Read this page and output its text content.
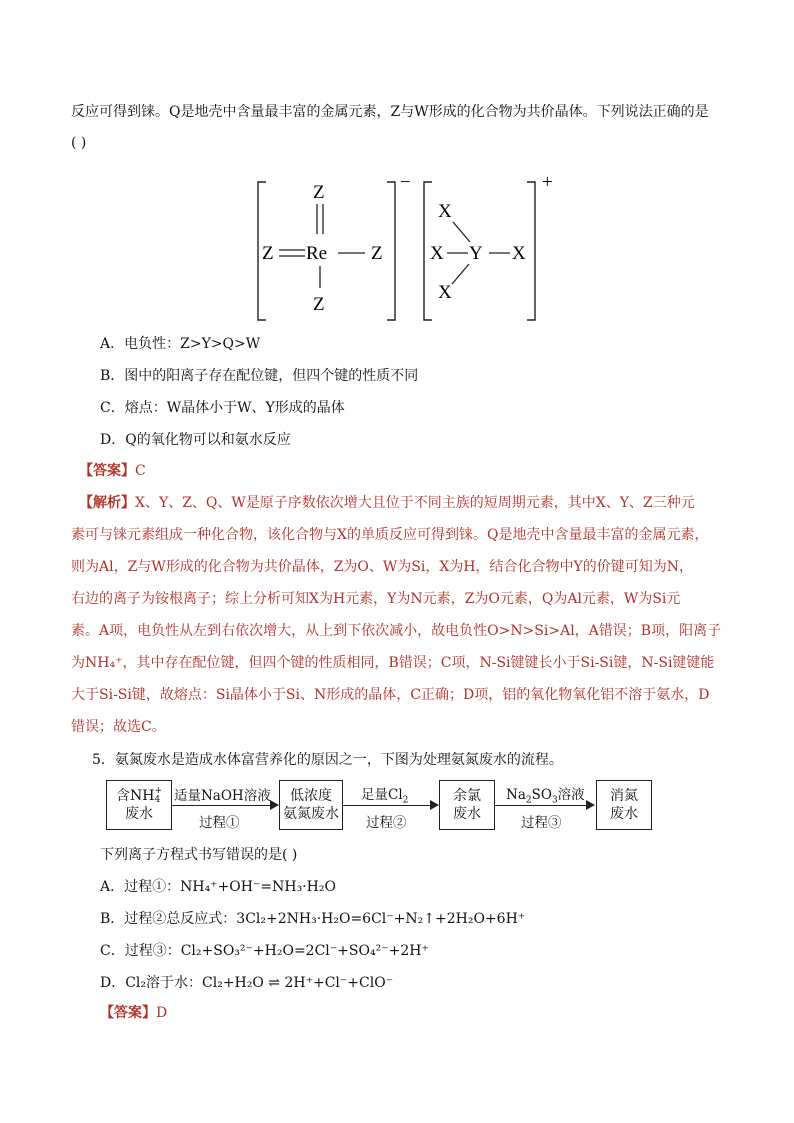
反应可得到铼。Q是地壳中含量最丰富的金属元素，Z与W形成的化合物为共价晶体。下列说法正确的是
( )
−
Z
Z Re Z
Z
+
X
X Y X
X
A．电负性：Z>Y>Q>W
B．图中的阳离子存在配位键，但四个键的性质不同
C．熔点：W晶体小于W、Y形成的晶体
D．Q的氧化物可以和氨水反应
【答案】C
【解析】X、Y、Z、Q、W是原子序数依次增大且位于不同主族的短周期元素，其中X、Y、Z三种元
素可与铼元素组成一种化合物，该化合物与X的单质反应可得到铼。Q是地壳中含量最丰富的金属元素，
则为Al，Z与W形成的化合物为共价晶体，Z为O、W为Si，X为H，结合化合物中Y的价键可知为N，
右边的离子为铵根离子；综上分析可知X为H元素，Y为N元素，Z为O元素，Q为Al元素，W为Si元
素。A项，电负性从左到右依次增大，从上到下依次减小，故电负性O>N>Si>Al，A错误；B项，阳离子
为NH₄⁺，其中存在配位键，但四个键的性质相同，B错误；C项，N-Si键键长小于Si-Si键，N-Si键键能
大于Si-Si键，故熔点：Si晶体小于Si、N形成的晶体，C正确；D项，铝的氧化物氧化铝不溶于氨水，D
错误；故选C。
5．氨氮废水是造成水体富营养化的原因之一，下图为处理氨氮废水的流程。
含NH+
4
废水
适量NaOH溶液
过程①
低浓度
氨氮废水
足量$Cl_2$
过程②
余氯
废水
$Na_2SO_3$溶液
过程③
消氮
废水
下列离子方程式书写错误的是( )
A．过程①：NH₄⁺+OH⁻=NH₃·H₂O
B．过程②总反应式：3Cl₂+2NH₃·H₂O=6Cl⁻+N₂↑+2H₂O+6H⁺
C．过程③：Cl₂+SO₃²⁻+H₂O=2Cl⁻+SO₄²⁻+2H⁺
D．Cl₂溶于水：Cl₂+H₂O ⇌ 2H⁺+Cl⁻+ClO⁻
【答案】D
